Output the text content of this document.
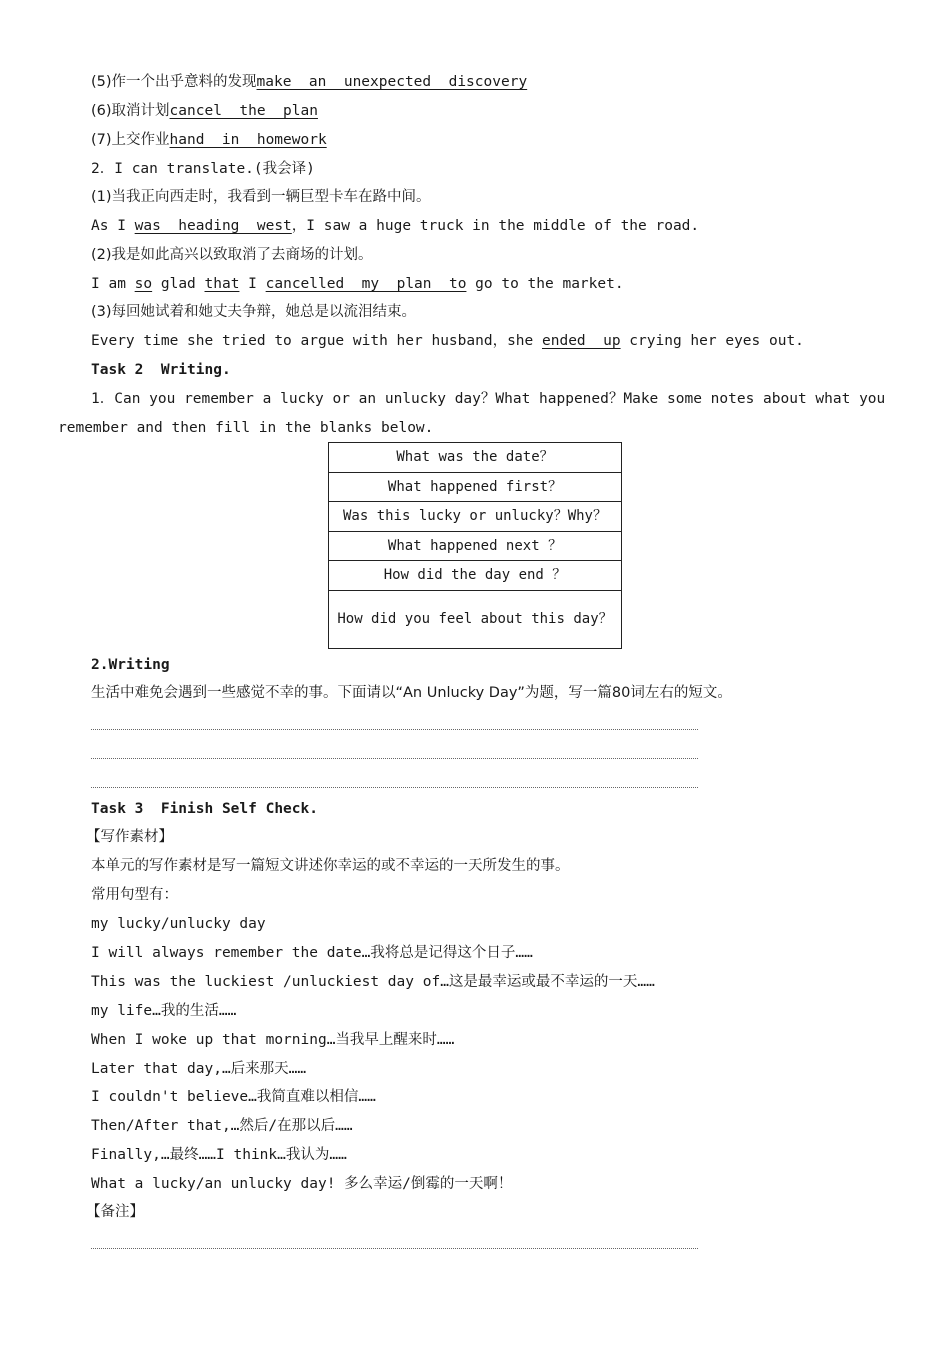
(5)作一个出乎意料的发现make  an  unexpected  discovery
(6)取消计划cancel  the  plan
(7)上交作业hand  in  homework
2．I can translate.(我会译)
(1)当我正向西走时，我看到一辆巨型卡车在路中间。
As I was  heading  west，I saw a huge truck in the middle of the road.
(2)我是如此高兴以致取消了去商场的计划。
I am so glad that I cancelled  my  plan  to go to the market.
(3)每回她试着和她丈夫争辩，她总是以流泪结束。
Every time she tried to argue with her husband，she ended  up crying her eyes out.
Task 2  Writing.
1．Can you remember a lucky or an unlucky day？What happened？Make some notes about what you
remember and then fill in the blanks below.
What was the date？
What happened first？
Was this lucky or unlucky？Why？
What happened next ？
How did the day end ？
How did you feel about this day？
2.Writing
生活中难免会遇到一些感觉不幸的事。下面请以“An Unlucky Day”为题，写一篇80词左右的短文。
Task 3  Finish Self Check.
【写作素材】
本单元的写作素材是写一篇短文讲述你幸运的或不幸运的一天所发生的事。
常用句型有：
my lucky/unlucky day
I will always remember the date…我将总是记得这个日子……
This was the luckiest /unluckiest day of…这是最幸运或最不幸运的一天……
my life…我的生活……
When I woke up that morning…当我早上醒来时……
Later that day,…后来那天……
I couldn't believe…我简直难以相信……
Then/After that,…然后/在那以后……
Finally,…最终……I think…我认为……
What a lucky/an unlucky day! 多么幸运/倒霉的一天啊！
【备注】
